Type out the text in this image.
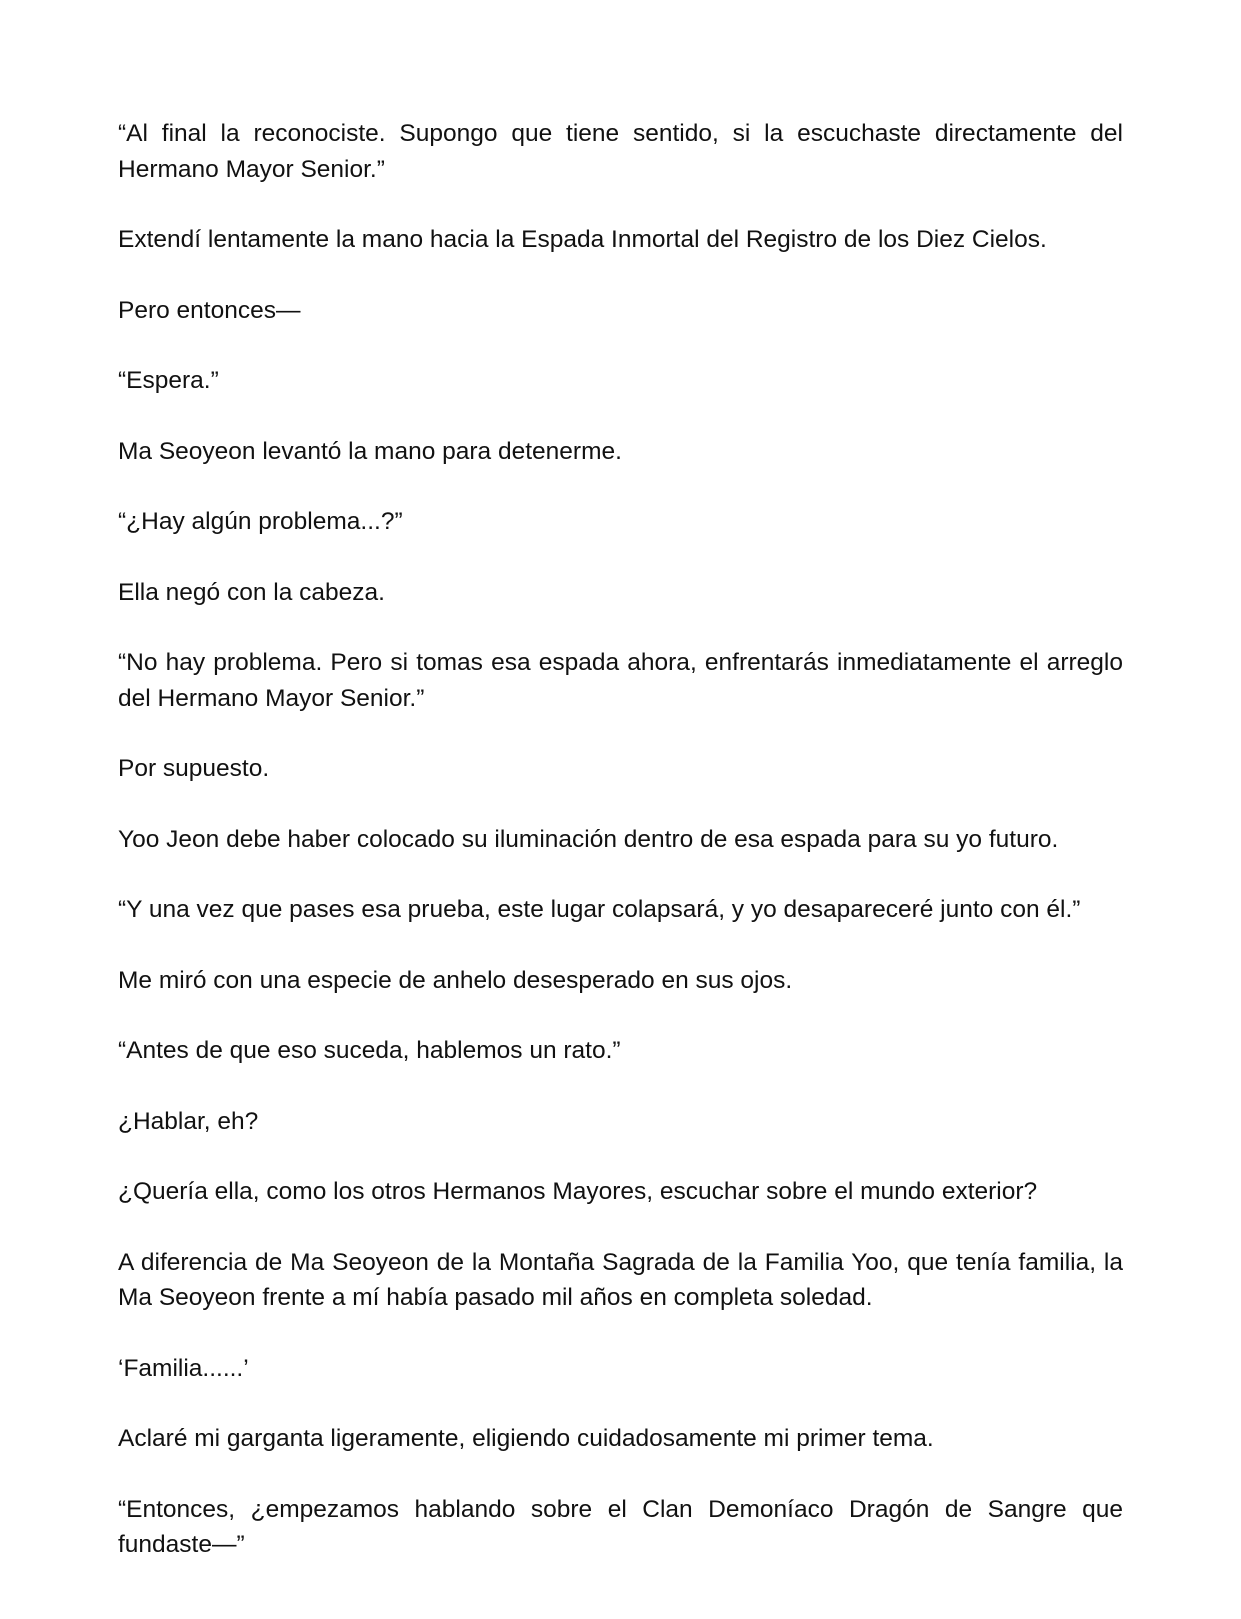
“Al final la reconociste. Supongo que tiene sentido, si la escuchaste directamente del Hermano Mayor Senior.”

Extendí lentamente la mano hacia la Espada Inmortal del Registro de los Diez Cielos.

Pero entonces—

“Espera.”

Ma Seoyeon levantó la mano para detenerme.

“¿Hay algún problema...?”

Ella negó con la cabeza.

“No hay problema. Pero si tomas esa espada ahora, enfrentarás inmediatamente el arreglo del Hermano Mayor Senior.”

Por supuesto.

Yoo Jeon debe haber colocado su iluminación dentro de esa espada para su yo futuro.

“Y una vez que pases esa prueba, este lugar colapsará, y yo desapareceré junto con él.”

Me miró con una especie de anhelo desesperado en sus ojos.

“Antes de que eso suceda, hablemos un rato.”

¿Hablar, eh?

¿Quería ella, como los otros Hermanos Mayores, escuchar sobre el mundo exterior?

A diferencia de Ma Seoyeon de la Montaña Sagrada de la Familia Yoo, que tenía familia, la Ma Seoyeon frente a mí había pasado mil años en completa soledad.

‘Familia......’

Aclaré mi garganta ligeramente, eligiendo cuidadosamente mi primer tema.

“Entonces, ¿empezamos hablando sobre el Clan Demoníaco Dragón de Sangre que fundaste—”
